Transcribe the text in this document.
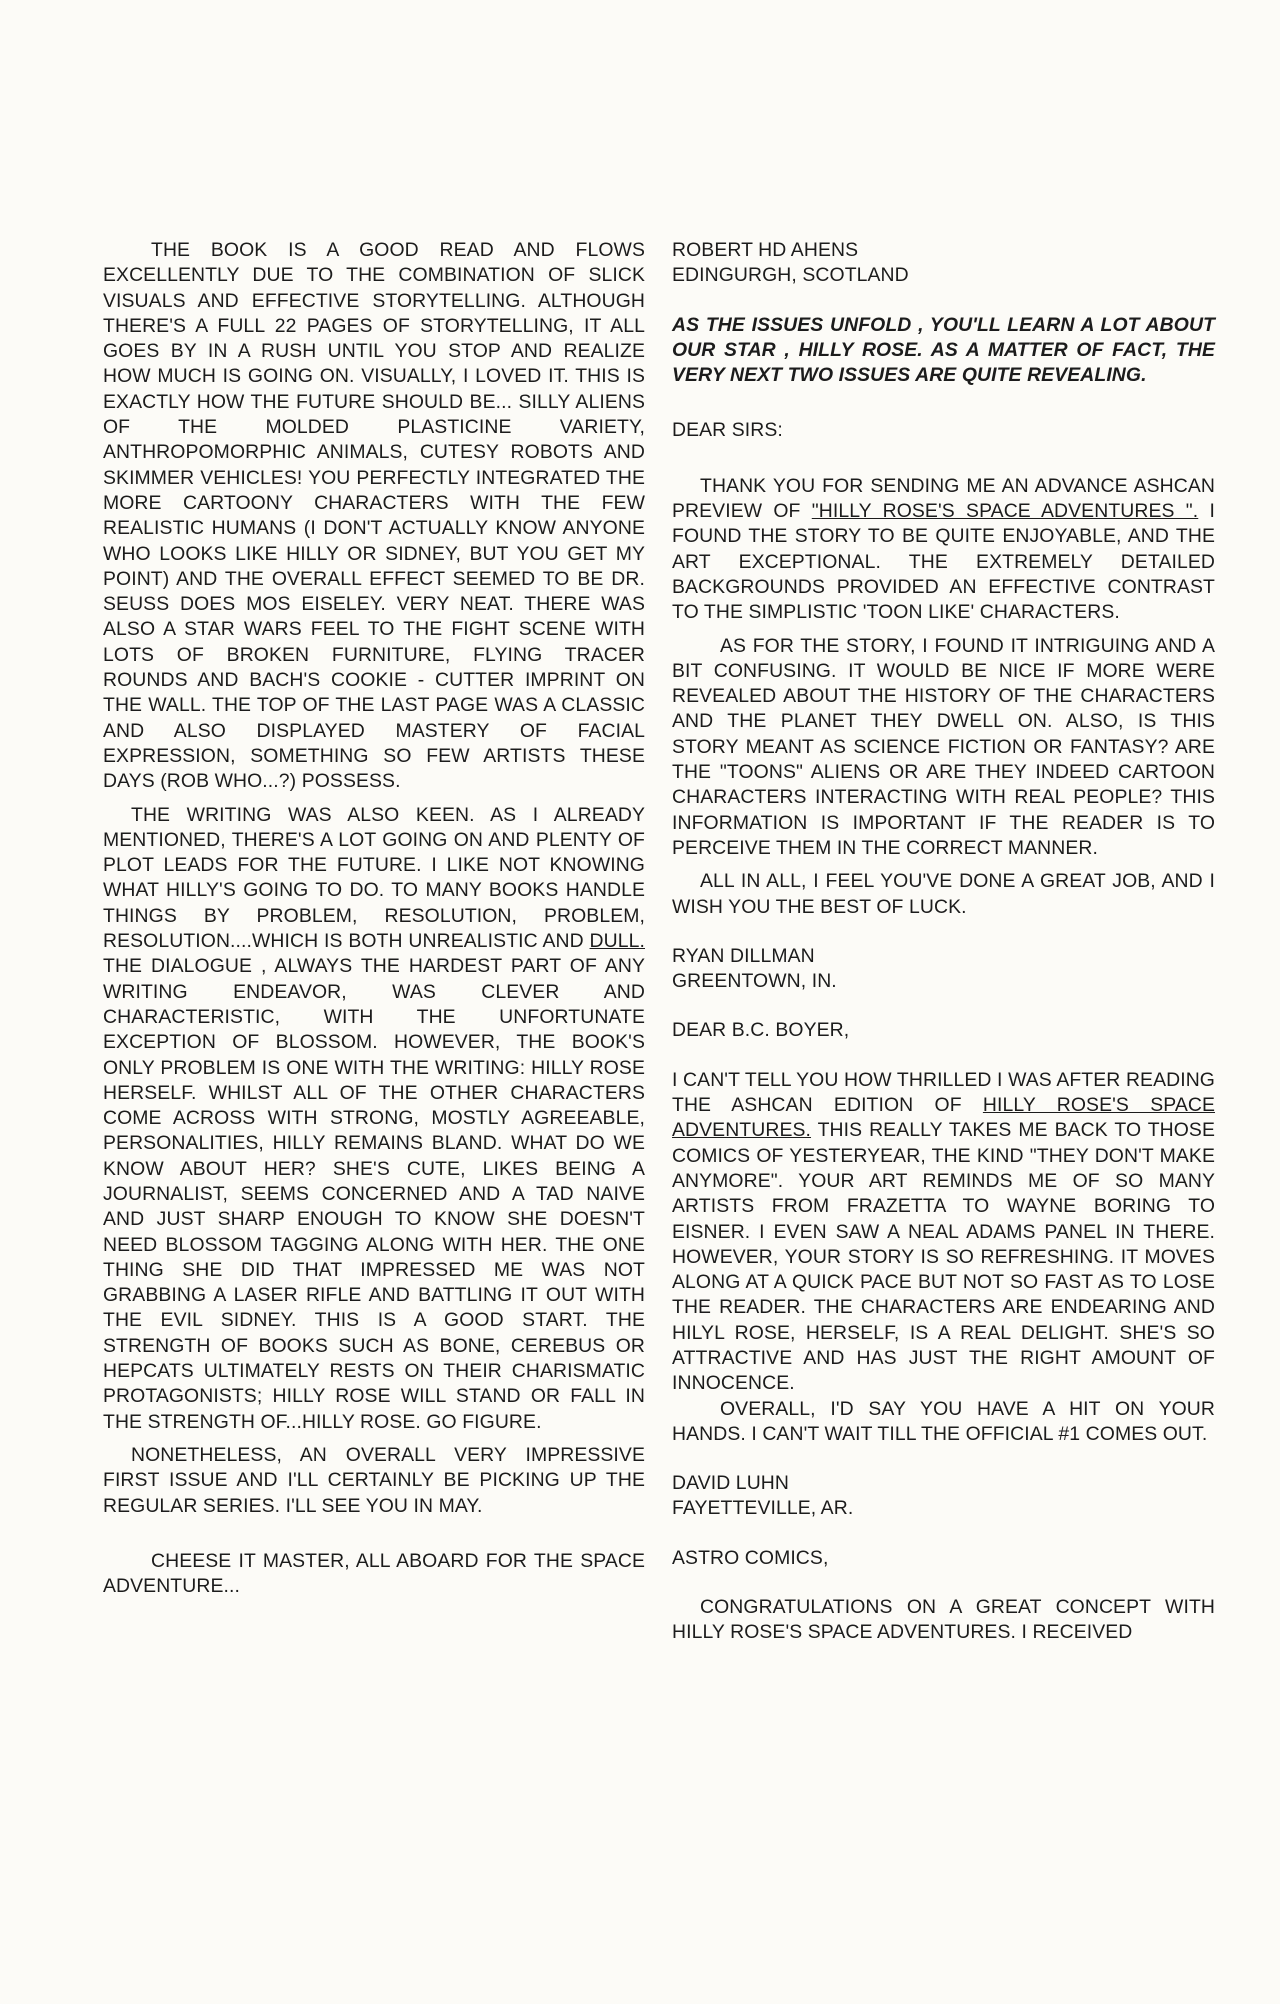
THE BOOK IS A GOOD READ AND FLOWS EXCELLENTLY DUE TO THE COMBINATION OF SLICK VISUALS AND EFFECTIVE STORYTELLING. ALTHOUGH THERE'S A FULL 22 PAGES OF STORYTELLING, IT ALL GOES BY IN A RUSH UNTIL YOU STOP AND REALIZE HOW MUCH IS GOING ON. VISUALLY, I LOVED IT. THIS IS EXACTLY HOW THE FUTURE SHOULD BE... SILLY ALIENS OF THE MOLDED PLASTICINE VARIETY, ANTHROPOMORPHIC ANIMALS, CUTESY ROBOTS AND SKIMMER VEHICLES! YOU PERFECTLY INTEGRATED THE MORE CARTOONY CHARACTERS WITH THE FEW REALISTIC HUMANS (I DON'T ACTUALLY KNOW ANYONE WHO LOOKS LIKE HILLY OR SIDNEY, BUT YOU GET MY POINT) AND THE OVERALL EFFECT SEEMED TO BE DR. SEUSS DOES MOS EISELEY. VERY NEAT. THERE WAS ALSO A STAR WARS FEEL TO THE FIGHT SCENE WITH LOTS OF BROKEN FURNITURE, FLYING TRACER ROUNDS AND BACH'S COOKIE - CUTTER IMPRINT ON THE WALL. THE TOP OF THE LAST PAGE WAS A CLASSIC AND ALSO DISPLAYED MASTERY OF FACIAL EXPRESSION, SOMETHING SO FEW ARTISTS THESE DAYS (ROB WHO...?) POSSESS.

THE WRITING WAS ALSO KEEN. AS I ALREADY MENTIONED, THERE'S A LOT GOING ON AND PLENTY OF PLOT LEADS FOR THE FUTURE. I LIKE NOT KNOWING WHAT HILLY'S GOING TO DO. TO MANY BOOKS HANDLE THINGS BY PROBLEM, RESOLUTION, PROBLEM, RESOLUTION....WHICH IS BOTH UNREALISTIC AND DULL. THE DIALOGUE , ALWAYS THE HARDEST PART OF ANY WRITING ENDEAVOR, WAS CLEVER AND CHARACTERISTIC, WITH THE UNFORTUNATE EXCEPTION OF BLOSSOM. HOWEVER, THE BOOK'S ONLY PROBLEM IS ONE WITH THE WRITING: HILLY ROSE HERSELF. WHILST ALL OF THE OTHER CHARACTERS COME ACROSS WITH STRONG, MOSTLY AGREEABLE, PERSONALITIES, HILLY REMAINS BLAND. WHAT DO WE KNOW ABOUT HER? SHE'S CUTE, LIKES BEING A JOURNALIST, SEEMS CONCERNED AND A TAD NAIVE AND JUST SHARP ENOUGH TO KNOW SHE DOESN'T NEED BLOSSOM TAGGING ALONG WITH HER. THE ONE THING SHE DID THAT IMPRESSED ME WAS NOT GRABBING A LASER RIFLE AND BATTLING IT OUT WITH THE EVIL SIDNEY. THIS IS A GOOD START. THE STRENGTH OF BOOKS SUCH AS BONE, CEREBUS OR HEPCATS ULTIMATELY RESTS ON THEIR CHARISMATIC PROTAGONISTS; HILLY ROSE WILL STAND OR FALL IN THE STRENGTH OF...HILLY ROSE. GO FIGURE.

NONETHELESS, AN OVERALL VERY IMPRESSIVE FIRST ISSUE AND I'LL CERTAINLY BE PICKING UP THE REGULAR SERIES. I'LL SEE YOU IN MAY.

CHEESE IT MASTER, ALL ABOARD FOR THE SPACE ADVENTURE...

ROBERT HD AHENS
EDINGURGH, SCOTLAND

AS THE ISSUES UNFOLD , YOU'LL LEARN A LOT ABOUT OUR STAR , HILLY ROSE. AS A MATTER OF FACT, THE VERY NEXT TWO ISSUES ARE QUITE REVEALING.

DEAR SIRS:

THANK YOU FOR SENDING ME AN ADVANCE ASHCAN PREVIEW OF "HILLY ROSE'S SPACE ADVENTURES ". I FOUND THE STORY TO BE QUITE ENJOYABLE, AND THE ART EXCEPTIONAL. THE EXTREMELY DETAILED BACKGROUNDS PROVIDED AN EFFECTIVE CONTRAST TO THE SIMPLISTIC 'TOON LIKE' CHARACTERS.

AS FOR THE STORY, I FOUND IT INTRIGUING AND A BIT CONFUSING. IT WOULD BE NICE IF MORE WERE REVEALED ABOUT THE HISTORY OF THE CHARACTERS AND THE PLANET THEY DWELL ON. ALSO, IS THIS STORY MEANT AS SCIENCE FICTION OR FANTASY? ARE THE "TOONS" ALIENS OR ARE THEY INDEED CARTOON CHARACTERS INTERACTING WITH REAL PEOPLE? THIS INFORMATION IS IMPORTANT IF THE READER IS TO PERCEIVE THEM IN THE CORRECT MANNER.

ALL IN ALL, I FEEL YOU'VE DONE A GREAT JOB, AND I WISH YOU THE BEST OF LUCK.

RYAN DILLMAN
GREENTOWN, IN.

DEAR B.C. BOYER,

I CAN'T TELL YOU HOW THRILLED I WAS AFTER READING THE ASHCAN EDITION OF HILLY ROSE'S SPACE ADVENTURES. THIS REALLY TAKES ME BACK TO THOSE COMICS OF YESTERYEAR, THE KIND "THEY DON'T MAKE ANYMORE". YOUR ART REMINDS ME OF SO MANY ARTISTS FROM FRAZETTA TO WAYNE BORING TO EISNER. I EVEN SAW A NEAL ADAMS PANEL IN THERE. HOWEVER, YOUR STORY IS SO REFRESHING. IT MOVES ALONG AT A QUICK PACE BUT NOT SO FAST AS TO LOSE THE READER. THE CHARACTERS ARE ENDEARING AND HILYL ROSE, HERSELF, IS A REAL DELIGHT. SHE'S SO ATTRACTIVE AND HAS JUST THE RIGHT AMOUNT OF INNOCENCE.

OVERALL, I'D SAY YOU HAVE A HIT ON YOUR HANDS. I CAN'T WAIT TILL THE OFFICIAL #1 COMES OUT.

DAVID LUHN
FAYETTEVILLE, AR.

ASTRO COMICS,

CONGRATULATIONS ON A GREAT CONCEPT WITH HILLY ROSE'S SPACE ADVENTURES. I RECEIVED
